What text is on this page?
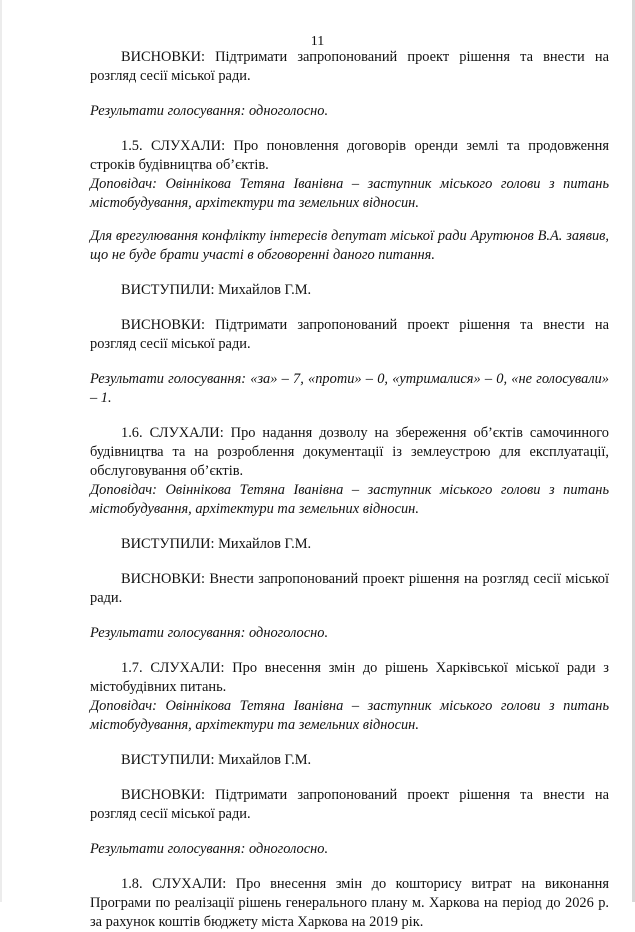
11

ВИСНОВКИ: Підтримати запропонований проект рішення та внести на розгляд сесії міської ради.

Результати голосування: одноголосно.

1.5. СЛУХАЛИ: Про поновлення договорів оренди землі та продовження строків будівництва об’єктів.

Доповідач: Овіннікова Тетяна Іванівна – заступник міського голови з питань містобудування, архітектури та земельних відносин.

Для врегулювання конфлікту інтересів депутат міської ради Арутюнов В.А. заявив, що не буде брати участі в обговоренні даного питання.

ВИСТУПИЛИ: Михайлов Г.М.

ВИСНОВКИ: Підтримати запропонований проект рішення та внести на розгляд сесії міської ради.

Результати голосування: «за» – 7, «проти» – 0, «утрималися» – 0, «не голосували» – 1.

1.6. СЛУХАЛИ: Про надання дозволу на збереження об’єктів самочинного будівництва та на розроблення документації із землеустрою для експлуатації, обслуговування об’єктів.

Доповідач: Овіннікова Тетяна Іванівна – заступник міського голови з питань містобудування, архітектури та земельних відносин.

ВИСТУПИЛИ: Михайлов Г.М.

ВИСНОВКИ: Внести запропонований проект рішення на розгляд сесії міської ради.

Результати голосування: одноголосно.

1.7. СЛУХАЛИ: Про внесення змін до рішень Харківської міської ради з містобудівних питань.

Доповідач: Овіннікова Тетяна Іванівна – заступник міського голови з питань містобудування, архітектури та земельних відносин.

ВИСТУПИЛИ: Михайлов Г.М.

ВИСНОВКИ: Підтримати запропонований проект рішення та внести на розгляд сесії міської ради.

Результати голосування: одноголосно.

1.8. СЛУХАЛИ: Про внесення змін до кошторису витрат на виконання Програми по реалізації рішень генерального плану м. Харкова на період до 2026 р. за рахунок коштів бюджету міста Харкова на 2019 рік.
